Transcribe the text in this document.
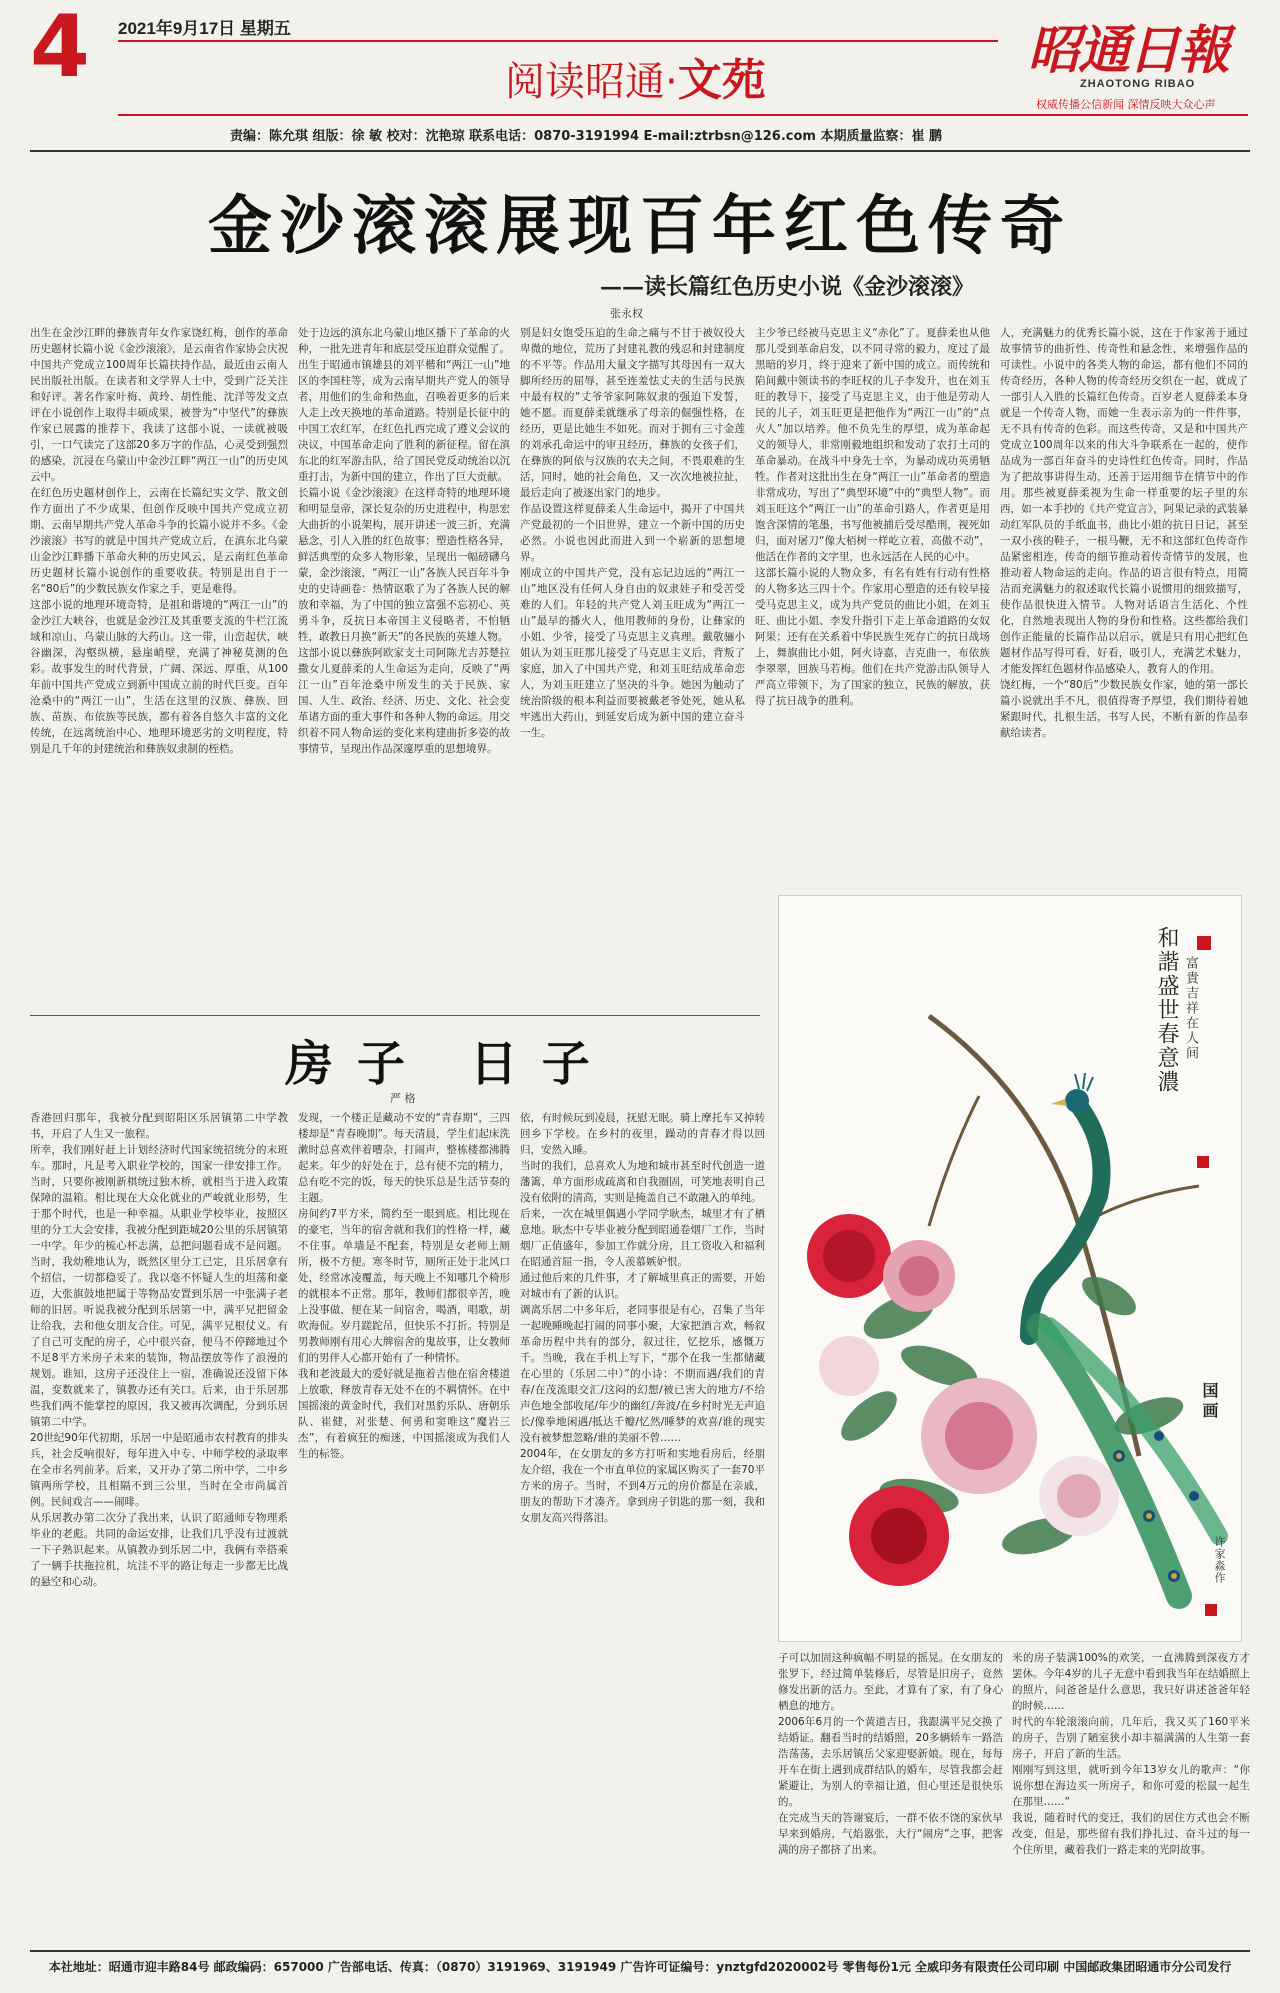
4 2021年9月17日 星期五
阅读昭通·文苑	昭通日報
ZHAOTONG RIBAO
权威传播公信新闻 深情反映大众心声
责编：陈允琪 组版：徐 敏 校对：沈艳琼 联系电话：0870-3191994 E-mail:ztrbsn@126.com 本期质量监察：崔 鹏
金沙滚滚展现百年红色传奇
——读长篇红色历史小说《金沙滚滚》
张永权
出生在金沙江畔的彝族青年女作家饶红梅，创作的革命历史题材长篇小说《金沙滚滚》，是云南省作家协会庆祝中国共产党成立100周年长篇扶持作品，最近由云南人民出版社出版。在读者和文学界人士中，受到广泛关注和好评。著名作家叶梅、黄玲、胡性能、沈洋等发文点评在小说创作上取得丰硕成果，被誉为“中坚代”的彝族作家已展露的推荐下，我读了这部小说，一读就被吸引，一口气读完了这部20多万字的作品，心灵受到强烈的感染，沉浸在乌蒙山中金沙江畔“两江一山”的历史风云中。
在红色历史题材创作上，云南在长篇纪实文学、散文创作方面出了不少成果，但创作反映中国共产党成立初期、云南早期共产党人革命斗争的长篇小说并不多。《金沙滚滚》书写的就是中国共产党成立后，在滇东北乌蒙山金沙江畔播下革命火种的历史风云，是云南红色革命历史题材长篇小说创作的重要收获。特别是出自于一名“80后”的少数民族女作家之手，更是难得。
这部小说的地理环境奇特，是祖和谐境的“两江一山”的金沙江大峡谷，也就是金沙江及其重要支流的牛栏江流域和凉山、乌蒙山脉的大药山。这一带，山峦起伏，峡谷幽深，沟壑纵横，悬崖峭壁，充满了神秘莫测的色彩。故事发生的时代背景，广阔、深远、厚重，从100年前中国共产党成立到新中国成立前的时代巨变。百年沧桑中的“两江一山”，生活在这里的汉族、彝族、回族、苗族、布依族等民族，都有着各自悠久丰富的文化传统，在远离统治中心、地理环境恶劣的文明程度，特别是几千年的封建统治和彝族奴隶制的桎梏。
处于边远的滇东北乌蒙山地区播下了革命的火种，一批先进青年和底层受压迫群众觉醒了。出生于昭通市镇雄县的刘平楷和“两江一山”地区的李国柱等，成为云南早期共产党人的领导者，用他们的生命和热血，召唤着更多的后来人走上改天换地的革命道路。特别是长征中的中国工农红军，在红色扎西完成了遵义会议的决议，中国革命走向了胜利的新征程。留在滇东北的红军游击队，给了国民党反动统治以沉重打击，为新中国的建立，作出了巨大贡献。
长篇小说《金沙滚滚》在这样奇特的地理环境和明显皇帝，深长复杂的历史进程中，构思宏大曲折的小说架构，展开讲述一波三折，充满悬念，引人入胜的红色故事；塑造性格各异，鲜活典型的众多人物形象，呈现出一幅磅礴乌蒙，金沙滚滚，“两江一山”各族人民百年斗争史的史诗画卷：热情讴歌了为了各族人民的解放和幸福，为了中国的独立富强不忘初心、英勇斗争，反抗日本帝国主义侵略者，不怕牺牲，敢教日月换“新天”的各民族的英雄人物。
这部小说以彝族阿欧家支土司阿陈尤吉苏楚拉撒女儿夏薛柔的人生命运为走向，反映了“两江一山”百年沧桑中所发生的关于民族、家国、人生、政治、经济、历史、文化、社会变革诸方面的重大事件和各种人物的命运。用交织着不同人物命运的变化来构建曲折多姿的故事情节，呈现出作品深邃厚重的思想境界。
别是妇女饱受压迫的生命之痛与不甘于被奴役大卑微的地位，荒历了封建礼教的残忍和封建制度的不平等。作品用大量文字描写其母因有一双大脚所经历的屈辱，甚至连羞怯丈夫的生活与民族中最有权的“丈爷爷家阿陈奴隶的强迫下发誓，她不愿。而夏薛柔就继承了母亲的倔强性格，在经历，更是比她生不如死。而对于拥有三寸金莲的刘承孔命运中的审丑经历，彝族的女孩子们，在彝族的阿依与汉族的农夫之间，不畏艰难的生活，同时，她的社会角色，又一次次地被拉扯，最后走向了被逐出家门的地步。
作品设置这样夏薛柔人生命运中，揭开了中国共产党最初的一个旧世界，建立一个新中国的历史必然。小说也因此而进入到一个崭新的思想境界。
刚成立的中国共产党，没有忘记边远的“两江一山”地区没有任何人身自由的奴隶娃子和受苦受难的人们。年轻的共产党人刘玉旺成为“两江一山”最早的播火人，他用教师的身份，让彝家的小姐、少爷，接受了马克思主义真理。戴敬骊小姐认为刘玉旺那儿接受了马克思主义后，背叛了家庭，加入了中国共产党，和刘玉旺结成革命恋人，为刘玉旺建立了坚决的斗争。她因为触动了统治阶级的根本利益而要被戴老爷处死，她从私牢逃出大药山，到延安后成为新中国的建立奋斗一生。
主少爷已经被马克思主义“赤化”了。夏薛柔也从他那儿受到革命启发，以不同寻常的毅力，度过了最黑暗的岁月，终于迎来了新中国的成立。而传统和陷间戴中领读书的李旺权的儿子李发升，也在刘玉旺的教导下，接受了马克思主义，由于他是劳动人民的儿子，刘玉旺更是把他作为“两江一山”的“点火人”加以培养。他不负先生的厚望，成为革命起义的领导人，非常刚毅地组织和发动了农打土司的革命暴动。在战斗中身先士卒，为暴动成功英勇牺牲。作者对这批出生在身“两江一山”革命者的塑造非常成功，写出了“典型环境”中的“典型人物”。而刘玉旺这个“两江一山”的革命引路人，作者更是用饱含深情的笔墨，书写他被捕后受尽酷刑，视死如归，面对屠刀“像大栢树一样屹立着，高傲不动”，他活在作者的文字里，也永远活在人民的心中。
这部长篇小说的人物众多，有名有姓有行动有性格的人物多达三四十个。作家用心塑造的还有较早接受马克思主义，成为共产党员的曲比小姐，在刘玉旺、曲比小姐、李发升指引下走上革命道路的女奴阿果；还有在关系着中华民族生死存亡的抗日战场上，舞旗曲比小姐，阿火诗嘉，吉克曲一，布依族李翠翠，回族马若梅。他们在共产党游击队领导人严高立带领下，为了国家的独立，民族的解放，获得了抗日战争的胜利。
人，充满魅力的优秀长篇小说，这在于作家善于通过故事情节的曲折性、传奇性和悬念性，来增强作品的可读性。小说中的各类人物的命运，都有他们不同的传奇经历，各种人物的传奇经历交织在一起，就成了一部引人入胜的长篇红色传奇。百岁老人夏薛柔本身就是一个传奇人物，而她一生表示亲为的一件件事，无不具有传奇的色彩。而这些传奇，又是和中国共产党成立100周年以来的伟大斗争联系在一起的，使作品成为一部百年奋斗的史诗性红色传奇。同时，作品为了把故事讲得生动，还善于运用细节在情节中的作用。那些被夏薛柔视为生命一样重要的坛子里的东西，如一本手抄的《共产党宣言》，阿果记录的武装暴动红军队员的手纸血书，曲比小姐的抗日日记，甚至一双小孩的鞋子，一根马鞭，无不和这部红色传奇作品紧密相连，传奇的细节推动着传奇情节的发展，也推动着人物命运的走向。作品的语言很有特点，用简洁而充满魅力的叙述取代长篇小说惯用的细致描写，使作品很快进入情节。人物对话语言生活化、个性化，自然地表现出人物的身份和性格。这些都给我们创作正能量的长篇作品以启示，就是只有用心把红色题材作品写得可看，好看，吸引人，充满艺术魅力，才能发挥红色题材作品感染人，教育人的作用。
饶红梅，一个“80后”少数民族女作家，她的第一部长篇小说就出手不凡，很值得寄予厚望，我们期待着她紧跟时代，扎根生活，书写人民，不断有新的作品奉献给读者。
房子 日子
严 格
香港回归那年，我被分配到昭阳区乐居镇第二中学教书，开启了人生又一旅程。
所幸，我们刚好赶上计划经济时代国家统招统分的末班车。那时，凡是考入职业学校的，国家一律安排工作。当时，只要你被刚新棋统过独木桥，就相当于进入政策保障的温箱。相比现在大众化就业的严峻就业形势，生于那个时代，也是一种幸福。从职业学校毕业，按照区里的分工大会安排，我被分配到距城20公里的乐居镇第一中学。年少的梳心杯志满，总把问题看成不是问题。当时，我幼稚地认为，既然区里分工已定，且乐居拿有个招信，一切都稳妥了。我以毫不怀疑人生的坦荡和豪迈，大张旗鼓地把属于等物品安置到乐居一中张满子老师的旧居。听说我被分配到乐居第一中，满平兄把留金让给我，去和他女朋友合住。可见，满平兄根仗义。有了自己可支配的房子，心中很兴奋，便马不停蹄地过个不足8平方米房子未来的装饰，物品摆放等作了浪漫的规划。谁知，这房子还没住上一宿，准确说还没留下体温，变数就来了，镇教办还有关口。后来，由于乐居那些我们两不能掌控的原因，我又被再次调配，分到乐居镇第二中学。
20世纪90年代初期，乐居一中是昭通市农村教育的排头兵，社会反响很好，每年进入中专、中师学校的录取率在全市名列前茅。后来，又开办了第二所中学，二中乡镇两所学校，且相隔不到三公里，当时在全市尚属首例。民间戏言——闹啡。
从乐居教办第二次分了我出来，认识了昭通师专物理系毕业的老彪。共同的命运安排，让我们几乎没有过渡就一下子熟识起来。从镇教办到乐居二中，我俩有幸搭乘了一辆手扶拖拉机，坑洼不平的路让每走一步都无比战的悬空和心动。
发现，一个楼正是藏动不安的“青春期”，三四楼却是“青春晚期”。每天清晨，学生们起床洗漱时总喜欢伴着嘈杂，打闹声，整栋楼都沸腾起来。年少的好处在于，总有使不完的精力，总有吃不完的饭，每天的快乐总是生活节奏的主题。
房间约7平方米，简约至一眼到底。相比现在的豪宅，当年的宿舍就和我们的性格一样，藏不住事。单墙是不配套，特别是女老师上厕所，极不方便。寒冬时节，厕所正处于北风口处，经常冰凌覆盖，每天晚上不知哪几个椅形的就根本不正常。那年，教师们都很辛苦，晚上没事做，便在某一间宿舍，喝酒，唱歌，胡吹海侃。岁月蹉跎吊，但快乐不打折。特别是男教师刚有用心大牌宿舍的鬼故事，让女教师们的男伴人心都开始有了一种情怀。
我和老波最大的爱好就是拖着吉他在宿舍楼道上放歌，释放青春无处不在的不羁情怀。在中国摇滚的黄金时代，我们对黑豹乐队、唐朝乐队、崔健，对张楚、何勇和窦唯这“魔岩三杰”，有着疯狂的痴迷，中国摇滚成为我们人生的标签。
依，有时候玩到凌晨，抚慰无眠。骑上摩托车又掉转回乡下学校。在乡村的夜里，躁动的青春才得以回归，安然入睡。
当时的我们，总喜欢人为地和城市甚至时代创造一道藩篱，单方面形成疏离和自我圈固，可笑地表明自己没有依附的清高，实则是掩盖自己不敢融入的单纯。
后来，一次在城里偶遇小学同学耿杰，城里才有了栖息地。耿杰中专毕业被分配到昭通卷烟厂工作，当时烟厂正值盛年，参加工作就分房，且工资收入和福利在昭通首屈一指，令人羡慕嫉妒恨。
通过他后来的几件事，才了解城里真正的需要，开始对城市有了新的认识。
调离乐居二中多年后，老同事很是有心，召集了当年一起晚睡晚起打闹的同事小聚，大家把酒言欢，畅叙革命历程中共有的部分，叙过往，忆挖乐，感慨万千。当晚，我在手机上写下，“那个在我一生都储藏在心里的（乐居二中）”的小诗：不期而遇/我们的青春/在茂流眼交汇/这闷的幻想/被已害大的地方/不给声色地全部收尾/年少的幽红/奔波/在乡村时光无声追长/像拳地闲遇/抵达千瓣/忆然/睡梦的欢喜/谁的现实没有被梦想忽略/谁的美丽不曾……
2004年，在女朋友的多方打听和实地看房后，经朋友介绍，我在一个市直单位的家属区购买了一套70平方米的房子。当时，不到4万元的房价都是在亲戚，朋友的帮助下才凑齐。拿到房子钥匙的那一刻，我和女朋友高兴得落泪。
子可以加固这种疯幅不明显的摇晃。在女朋友的张罗下，经过简单装修后，尽管是旧房子，竟然修发出新的活力。至此，才算有了家，有了身心栖息的地方。
2006年6月的一个黄道吉日，我跟满平兄交换了结婚证。翻看当时的结婚照，20多辆轿车一路浩浩荡荡，去乐居镇岳父家迎娶新娘。现在，每每开车在街上遇到成群结队的婚车，尽管我都会赶紧避让，为别人的幸福让道，但心里还是很快乐的。
在完成当天的答谢宴后，一群不依不饶的家伙早早来到婚房，气焰嚣张，大行“闹房”之事，把客满的房子都挤了出来。
米的房子装满100%的欢笑，一直沸腾到深夜方才罢休。今年4岁的儿子无意中看到我当年在结婚照上的照片，问爸爸是什么意思，我只好讲述爸爸年轻的时候……
时代的车轮滚滚向前，几年后，我又买了160平米的房子，告别了陋室狭小却丰福满满的人生第一套房子，开启了新的生活。
刚刚写到这里，就听到今年13岁女儿的歌声：“你说你想在海边买一所房子，和你可爱的松鼠一起生在那里……”
我说，随着时代的变迁，我们的居住方式也会不断改变，但是，那些留有我们挣扎过、奋斗过的每一个住所里，藏着我们一路走来的光阴故事。
和諧盛世春意濃 富貴吉祥在人间
许家淼作
国画
本社地址：昭通市迎丰路84号 邮政编码：657000 广告部电话、传真：（0870）3191969、3191949 广告许可证编号：ynztgfd2020002号 零售每份1元 全威印务有限责任公司印刷 中国邮政集团昭通市分公司发行
